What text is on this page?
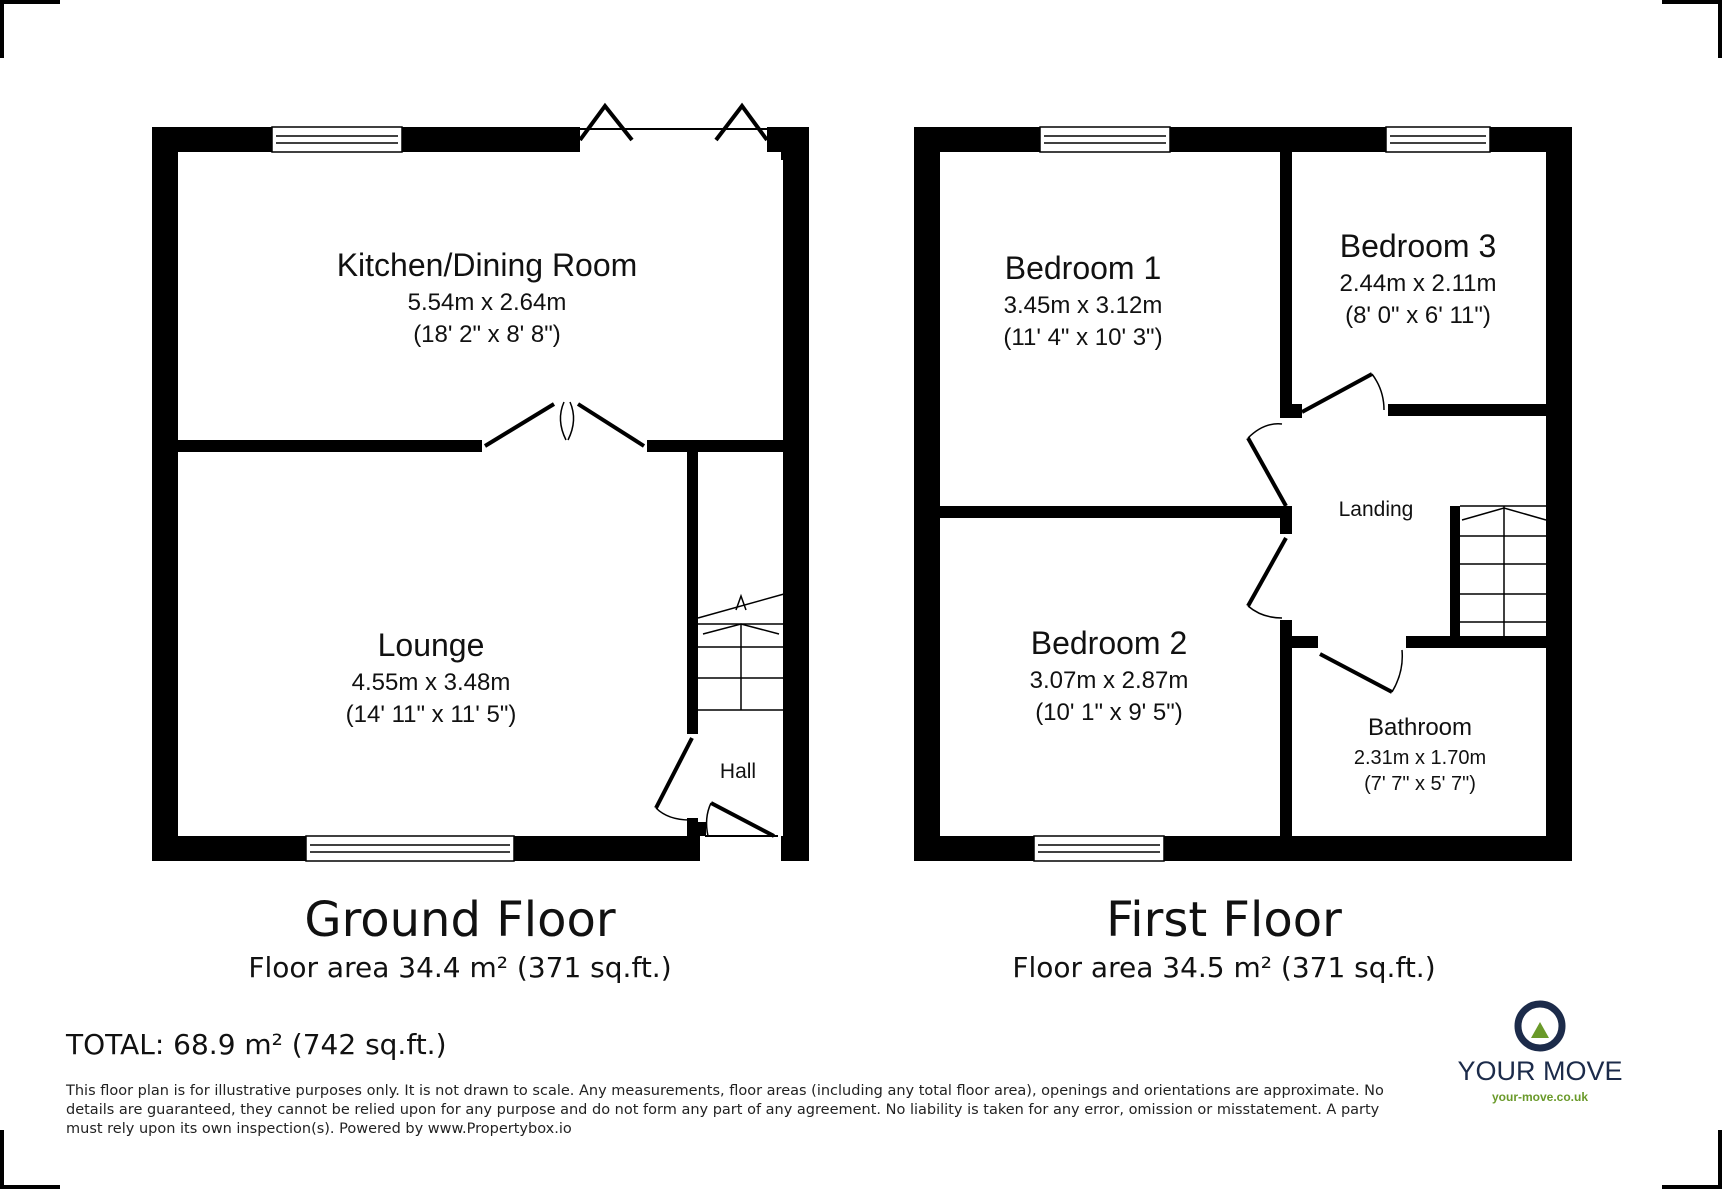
Kitchen/Dining Room
5.54m x 2.64m
(18' 2" x 8' 8")
Lounge
4.55m x 3.48m
(14' 11" x 11' 5")
Hall
Bedroom 1
3.45m x 3.12m
(11' 4" x 10' 3")
Bedroom 3
2.44m x 2.11m
(8' 0" x 6' 11")
Landing
Bedroom 2
3.07m x 2.87m
(10' 1" x 9' 5")
Bathroom
2.31m x 1.70m
(7' 7" x 5' 7")
Ground Floor
Floor area 34.4 m² (371 sq.ft.)
First Floor
Floor area 34.5 m² (371 sq.ft.)
TOTAL: 68.9 m² (742 sq.ft.)
This floor plan is for illustrative purposes only. It is not drawn to scale. Any measurements, floor areas (including any total floor area), openings and orientations are approximate. No details are guaranteed, they cannot be relied upon for any purpose and do not form any part of any agreement. No liability is taken for any error, omission or misstatement. A party must rely upon its own inspection(s). Powered by www.Propertybox.io
YOUR MOVE
your-move.co.uk
